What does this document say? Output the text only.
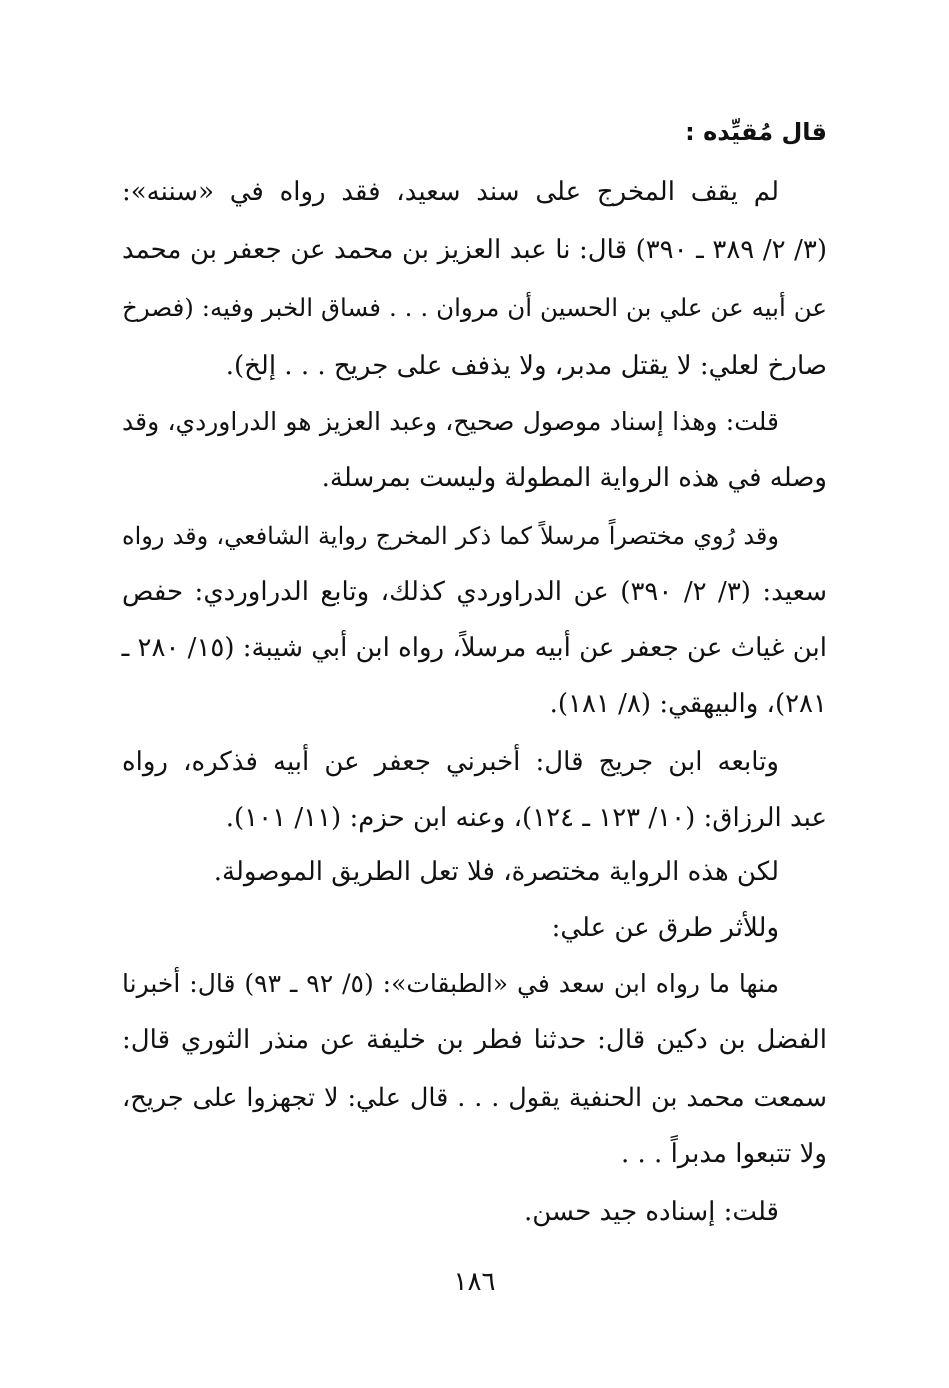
قال مُقيِّده :
لم يقف المخرج على سند سعيد، فقد رواه في «سننه»:
(٣/ ٢/ ٣٨٩ ـ ٣٩٠) قال: نا عبد العزيز بن محمد عن جعفر بن محمد
عن أبيه عن علي بن الحسين أن مروان . . . فساق الخبر وفيه: (فصرخ
صارخ لعلي: لا يقتل مدبر، ولا يذفف على جريح . . . إلخ).
قلت: وهذا إسناد موصول صحيح، وعبد العزيز هو الدراوردي، وقد
وصله في هذه الرواية المطولة وليست بمرسلة.
وقد رُوي مختصراً مرسلاً كما ذكر المخرج رواية الشافعي، وقد رواه
سعيد: (٣/ ٢/ ٣٩٠) عن الدراوردي كذلك، وتابع الدراوردي: حفص
ابن غياث عن جعفر عن أبيه مرسلاً، رواه ابن أبي شيبة: (١٥/ ٢٨٠ ـ
٢٨١)، والبيهقي: (٨/ ١٨١).
وتابعه ابن جريج قال: أخبرني جعفر عن أبيه فذكره، رواه
عبد الرزاق: (١٠/ ١٢٣ ـ ١٢٤)، وعنه ابن حزم: (١١/ ١٠١).
لكن هذه الرواية مختصرة، فلا تعل الطريق الموصولة.
وللأثر طرق عن علي:
منها ما رواه ابن سعد في «الطبقات»: (٥/ ٩٢ ـ ٩٣) قال: أخبرنا
الفضل بن دكين قال: حدثنا فطر بن خليفة عن منذر الثوري قال:
سمعت محمد بن الحنفية يقول . . . قال علي: لا تجهزوا على جريح،
ولا تتبعوا مدبراً . . .
قلت: إسناده جيد حسن.
١٨٦
